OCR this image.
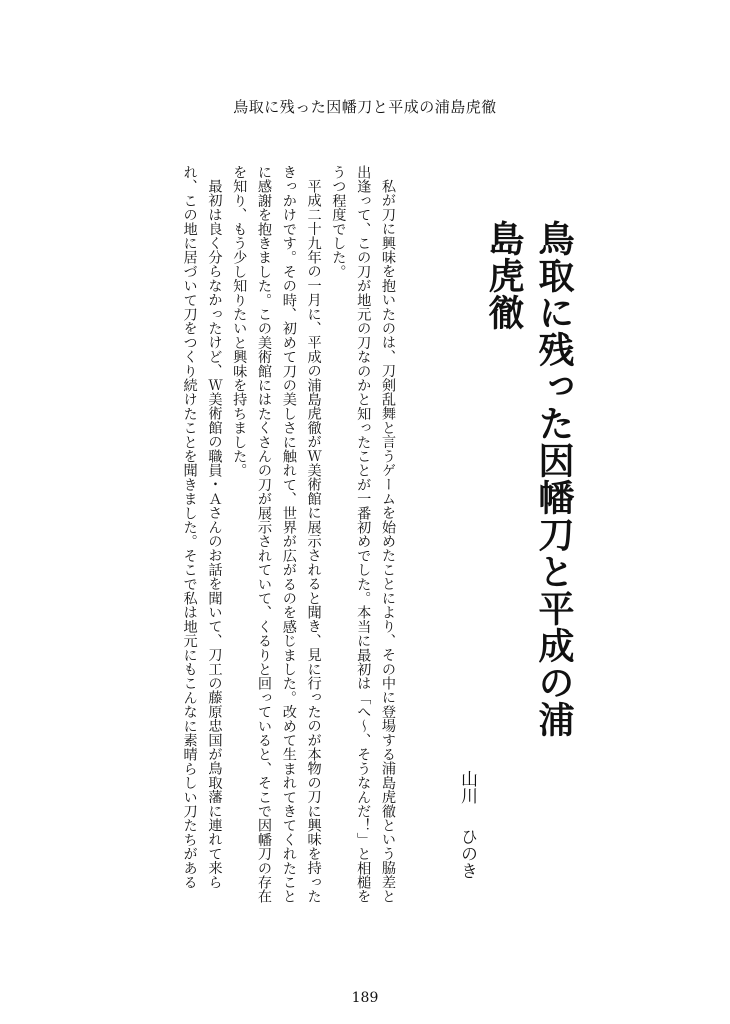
鳥取に残った因幡刀と平成の浦島虎徹
鳥取に残った因幡刀と平成の浦島虎徹
山川ひのき

私が刀に興味を抱いたのは、刀剣乱舞と言うゲームを始めたことにより、その中に登場する浦島虎徹という脇差と出逢って、この刀が地元の刀なのかと知ったことが一番初めでした。本当に最初は「へ〜、そうなんだ！」と相槌をうつ程度でした。

平成二十九年の一月に、平成の浦島虎徹がＷ美術館に展示されると聞き、見に行ったのが本物の刀に興味を持ったきっかけです。その時、初めて刀の美しさに触れて、世界が広がるのを感じました。改めて生まれてきてくれたことに感謝を抱きました。この美術館にはたくさんの刀が展示されていて、くるりと回っていると、そこで因幡刀の存在を知り、もう少し知りたいと興味を持ちました。

最初は良く分らなかったけど、Ｗ美術館の職員・Ａさんのお話を聞いて、刀工の藤原忠国が鳥取藩に連れて来られ、この地に居づいて刀をつくり続けたことを聞きました。そこで私は地元にもこんなに素晴らしい刀たちがある

189
